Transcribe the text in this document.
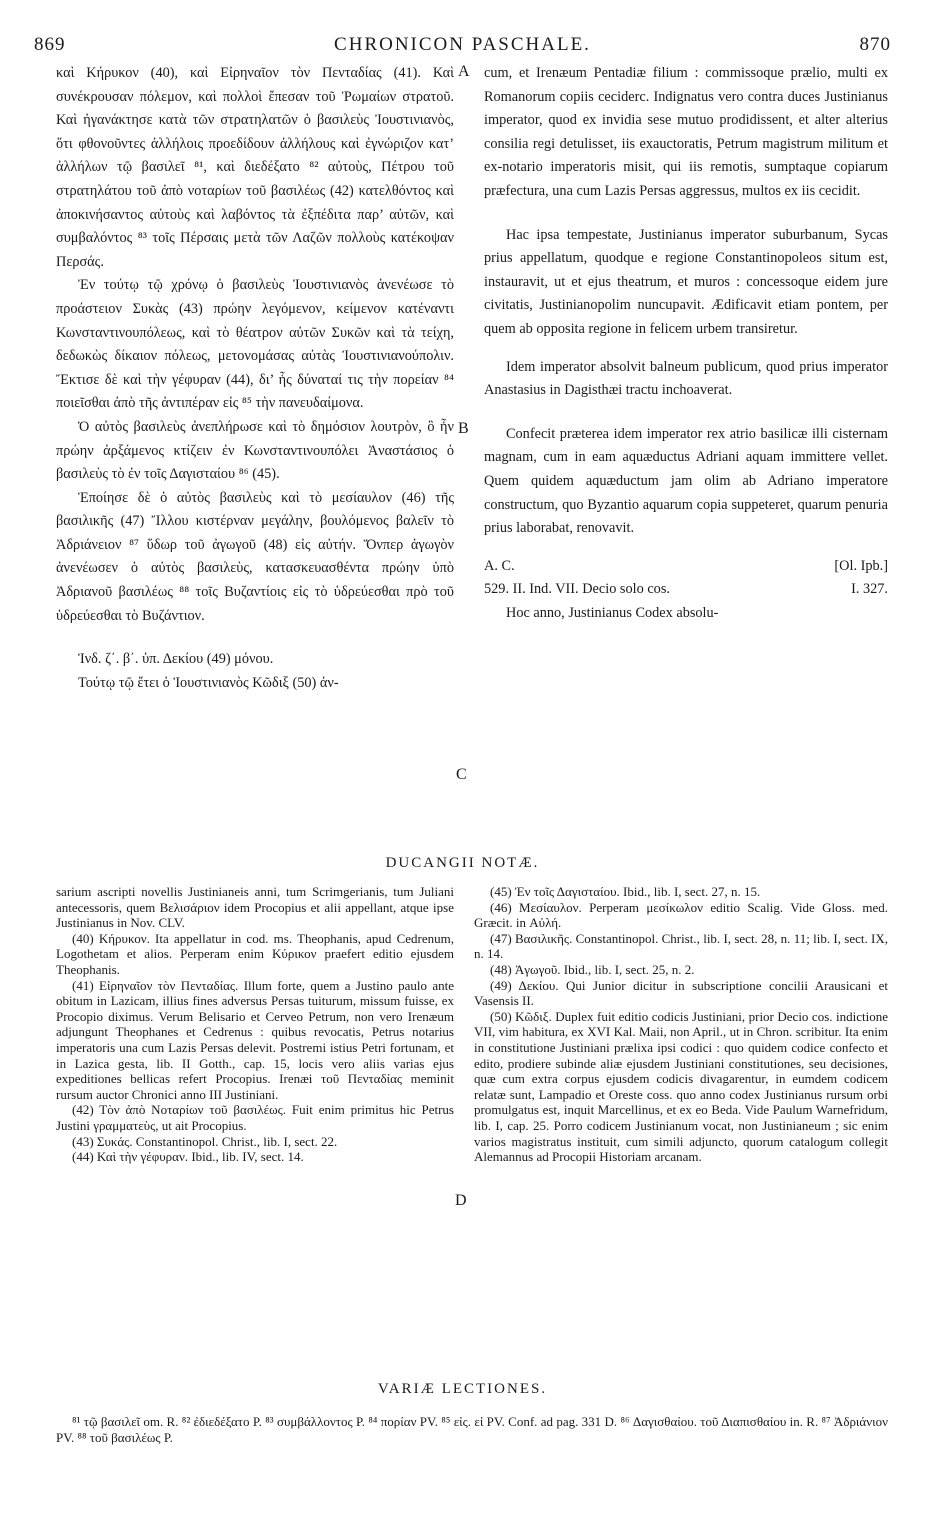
869	CHRONICON PASCHALE.	870
A
B
C
D

καὶ Κήρυκον (40), καὶ Εἰρηναῖον τὸν Πενταδίας (41). Καὶ συνέκρουσαν πόλεμον, καὶ πολλοὶ ἔπεσαν τοῦ Ῥωμαίων στρατοῦ. Καὶ ἠγανάκτησε κατὰ τῶν στρατηλατῶν ὁ βασιλεὺς Ἰουστινιανὸς, ὅτι φθονοῦντες ἀλλήλοις προεδίδουν ἀλλήλους καὶ ἐγνώριζον κατ’ ἀλλήλων τῷ βασιλεῖ ⁸¹, καὶ διεδέξατο ⁸² αὐτοὺς, Πέτρου τοῦ στρατηλάτου τοῦ ἀπὸ νοταρίων τοῦ βασιλέως (42) κατελθόντος καὶ ἀποκινήσαντος αὐτοὺς καὶ λαβόντος τὰ ἐξπέδιτα παρ’ αὐτῶν, καὶ συμβαλόντος ⁸³ τοῖς Πέρσαις μετὰ τῶν Λαζῶν πολλοὺς κατέκοψαν Περσάς.

Ἐν τούτῳ τῷ χρόνῳ ὁ βασιλεὺς Ἰουστινιανὸς ἀνενέωσε τὸ προάστειον Συκὰς (43) πρώην λεγόμενον, κείμενον κατέναντι Κωνσταντινουπόλεως, καὶ τὸ θέατρον αὐτῶν Συκῶν καὶ τὰ τείχη, δεδωκὼς δίκαιον πόλεως, μετονομάσας αὐτὰς Ἰουστινιανούπολιν. Ἔκτισε δὲ καὶ τὴν γέφυραν (44), δι’ ἧς δύναταί τις τὴν πορείαν ⁸⁴ ποιεῖσθαι ἀπὸ τῆς ἀντιπέραν εἰς ⁸⁵ τὴν πανευδαίμονα.

Ὁ αὐτὸς βασιλεὺς ἀνεπλήρωσε καὶ τὸ δημόσιον λουτρὸν, ὃ ἦν πρώην ἀρξάμενος κτίζειν ἐν Κωνσταντινουπόλει Ἀναστάσιος ὁ βασιλεὺς τὸ ἐν τοῖς Δαγισταίου ⁸⁶ (45).

Ἐποίησε δὲ ὁ αὐτὸς βασιλεὺς καὶ τὸ μεσίαυλον (46) τῆς βασιλικῆς (47) Ἴλλου κιστέρναν μεγάλην, βουλόμενος βαλεῖν τὸ Ἀδριάνειον ⁸⁷ ὕδωρ τοῦ ἀγωγοῦ (48) εἰς αὐτήν. Ὅνπερ ἀγωγὸν ἀνενέωσεν ὁ αὐτὸς βασιλεὺς, κατασκευασθέντα πρώην ὑπὸ Ἀδριανοῦ βασιλέως ⁸⁸ τοῖς Βυζαντίοις εἰς τὸ ὑδρεύεσθαι πρὸ τοῦ ὑδρεύεσθαι τὸ Βυζάντιον.

Ἰνδ. ζ΄. β΄. ὑπ. Δεκίου (49) μόνου.

Τούτῳ τῷ ἔτει ὁ Ἰουστινιανὸς Κῶδιξ (50) ἀν-

cum, et Irenæum Pentadiæ filium : commissoque prælio, multi ex Romanorum copiis ceciderc. Indignatus vero contra duces Justinianus imperator, quod ex invidia sese mutuo prodidissent, et alter alterius consilia regi detulisset, iis exauctoratis, Petrum magistrum militum et ex-notario imperatoris misit, qui iis remotis, sumptaque copiarum præfectura, una cum Lazis Persas aggressus, multos ex iis cecidit.

Hac ipsa tempestate, Justinianus imperator suburbanum, Sycas prius appellatum, quodque e regione Constantinopoleos situm est, instauravit, ut et ejus theatrum, et muros : concessoque eidem jure civitatis, Justinianopolim nuncupavit. Ædificavit etiam pontem, per quem ab opposita regione in felicem urbem transiretur.

Idem imperator absolvit balneum publicum, quod prius imperator Anastasius in Dagisthæi tractu inchoaverat.

Confecit præterea idem imperator rex atrio basilicæ illi cisternam magnam, cum in eam aquæductus Adriani aquam immittere vellet. Quem quidem aquæductum jam olim ab Adriano imperatore constructum, quo Byzantio aquarum copia suppeteret, quarum penuria prius laborabat, renovavit.

A. C.	[Ol. Ipb.]
529. II. Ind. VII. Decio solo cos.	I. 327.

Hoc anno, Justinianus Codex absolu-

DUCANGII NOTÆ.

sarium ascripti novellis Justinianeis anni, tum Scrimgerianis, tum Juliani antecessoris, quem Βελισάριον idem Procopius et alii appellant, atque ipse Justinianus in Nov. CLV.

(40) Κήρυκον. Ita appellatur in cod. ms. Theophanis, apud Cedrenum, Logothetam et alios. Perperam enim Κύρικον praefert editio ejusdem Theophanis.

(41) Εἰρηναῖον τὸν Πενταδίας. Illum forte, quem a Justino paulo ante obitum in Lazicam, illius fines adversus Persas tuiturum, missum fuisse, ex Procopio diximus. Verum Belisario et Cerveo Petrum, non vero Irenæum adjungunt Theophanes et Cedrenus : quibus revocatis, Petrus notarius imperatoris una cum Lazis Persas delevit. Postremi istius Petri fortunam, et in Lazica gesta, lib. II Gotth., cap. 15, locis vero aliis varias ejus expeditiones bellicas refert Procopius. Irenæi τοῦ Πενταδίας meminit rursum auctor Chronici anno III Justiniani.

(42) Τὸν ἀπὸ Νοταρίων τοῦ βασιλέως. Fuit enim primitus hic Petrus Justini γραμματεὺς, ut ait Procopius.

(43) Συκάς. Constantinopol. Christ., lib. I, sect. 22.

(44) Καὶ τὴν γέφυραν. Ibid., lib. IV, sect. 14.

(45) Ἐν τοῖς Δαγισταίου. Ibid., lib. I, sect. 27, n. 15.

(46) Μεσίαυλον. Perperam μεσίκωλον editio Scalig. Vide Gloss. med. Græcit. in Αὐλή.

(47) Βασιλικῆς. Constantinopol. Christ., lib. I, sect. 28, n. 11; lib. I, sect. IX, n. 14.

(48) Ἀγωγοῦ. Ibid., lib. I, sect. 25, n. 2.

(49) Δεκίου. Qui Junior dicitur in subscriptione concilii Arausicani et Vasensis II.

(50) Κῶδιξ. Duplex fuit editio codicis Justiniani, prior Decio cos. indictione VII, vim habitura, ex XVI Kal. Maii, non April., ut in Chron. scribitur. Ita enim in constitutione Justiniani prælixa ipsi codici : quo quidem codice confecto et edito, prodiere subinde aliæ ejusdem Justiniani constitutiones, seu decisiones, quæ cum extra corpus ejusdem codicis divagarentur, in eumdem codicem relatæ sunt, Lampadio et Oreste coss. quo anno codex Justinianus rursum orbi promulgatus est, inquit Marcellinus, et ex eo Beda. Vide Paulum Warnefridum, lib. I, cap. 25. Porro codicem Justinianum vocat, non Justinianeum ; sic enim varios magistratus instituit, cum simili adjuncto, quorum catalogum collegit Alemannus ad Procopii Historiam arcanam.

VARIÆ LECTIONES.

⁸¹ τῷ βασιλεῖ om. R. ⁸² ἐδιεδέξατο P. ⁸³ συμβάλλοντος P. ⁸⁴ πορίαν PV. ⁸⁵ εἰς. εἰ PV. Conf. ad pag. 331 D. ⁸⁶ Δαγισθαίου. τοῦ Διαπισθαίου in. R. ⁸⁷ Ἀδριάνιον PV. ⁸⁸ τοῦ βασιλέως P.
